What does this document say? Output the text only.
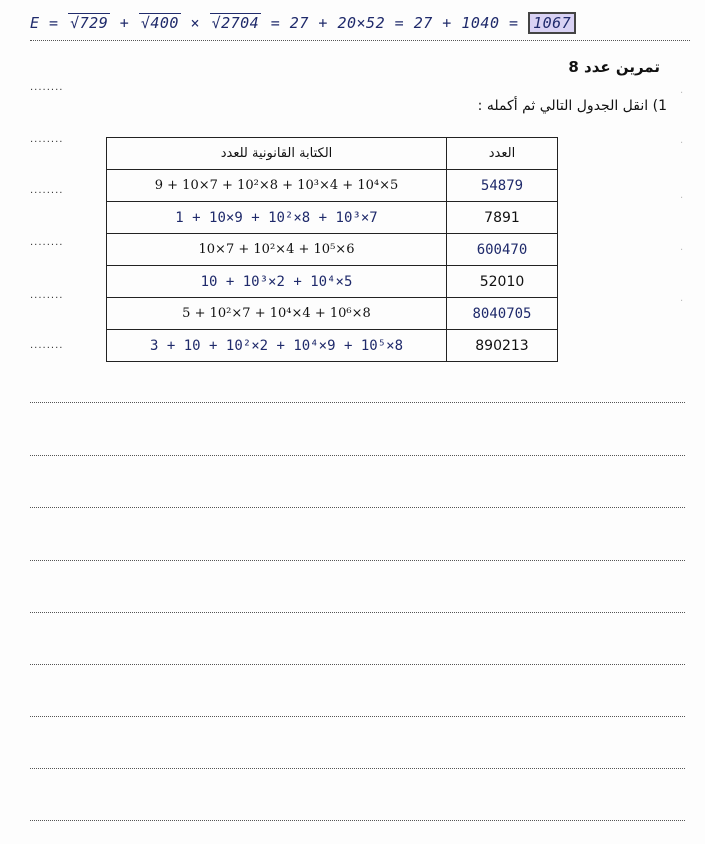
E = √729 + √400 × √2704 = 27 + 20×52 = 27 + 1040 = 1067
تمرين عدد 8
1) انقل الجدول التالي ثم أكمله :
·
·
·
·
·
........
........
........
........
........
........
العدد	الكتابة القانونية للعدد
54879	5×10⁴ + 4×10³ + 8×10² + 7×10 + 9
7891	7×10³ + 8×10² + 9×10 + 1
600470	6×10⁵ + 4×10² + 7×10
52010	5×10⁴ + 2×10³ + 10
8040705	8×10⁶ + 4×10⁴ + 7×10² + 5
890213	8×10⁵ + 9×10⁴ + 2×10² + 10 + 3
